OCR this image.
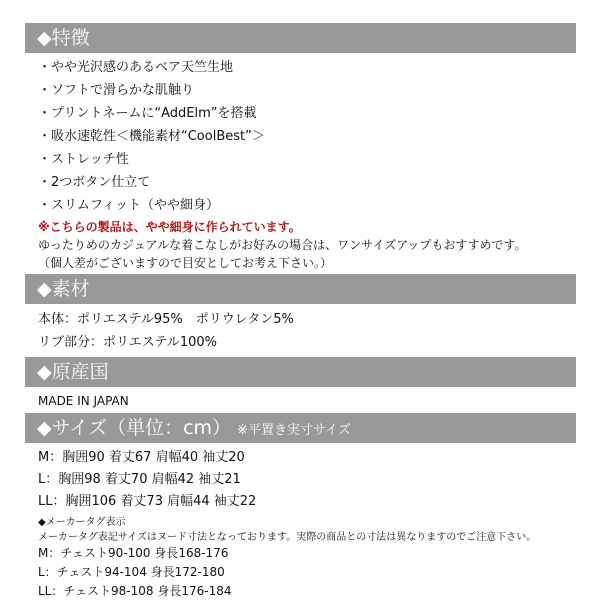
◆特徴
・やや光沢感のあるベア天竺生地
・ソフトで滑らかな肌触り
・プリントネームに“AddElm”を搭載
・吸水速乾性＜機能素材“CoolBest”＞
・ストレッチ性
・2つボタン仕立て
・スリムフィット（やや細身）
※こちらの製品は、やや細身に作られています。
ゆったりめのカジュアルな着こなしがお好みの場合は、ワンサイズアップもおすすめです。
（個人差がございますので目安としてお考え下さい。）
◆素材
本体：ポリエステル95%　ポリウレタン5%
リブ部分：ポリエステル100%
◆原産国
MADE IN JAPAN
◆サイズ（単位：cm） ※平置き実寸サイズ
M：胸囲90 着丈67 肩幅40 袖丈20
L：胸囲98 着丈70 肩幅42 袖丈21
LL：胸囲106 着丈73 肩幅44 袖丈22
◆メーカータグ表示
メーカータグ表記サイズはヌード寸法となっております。実際の商品との寸法は異なりますのでご注意下さい。
M：チェスト90-100 身長168-176
L：チェスト94-104 身長172-180
LL：チェスト98-108 身長176-184
